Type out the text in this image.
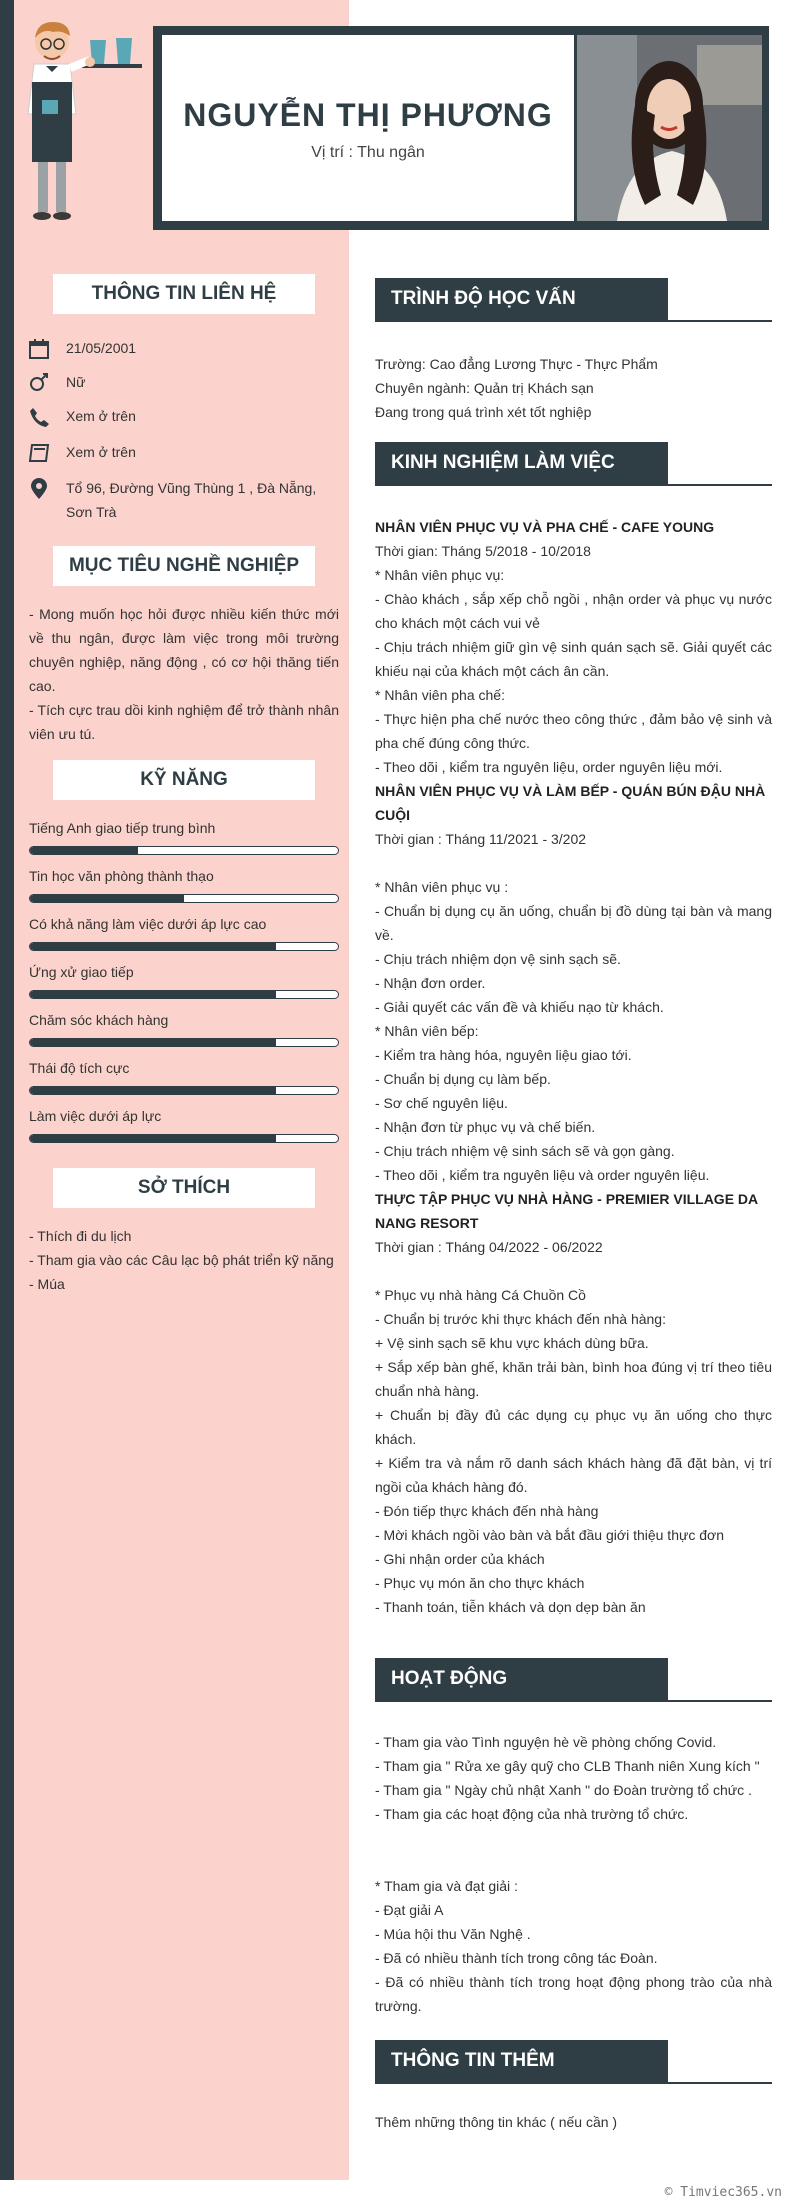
NGUYỄN THỊ PHƯƠNG
Vị trí : Thu ngân
THÔNG TIN LIÊN HỆ
21/05/2001
Nữ
Xem ở trên
Xem ở trên
Tổ 96, Đường Vũng Thùng 1 , Đà Nẵng, Sơn Trà
MỤC TIÊU NGHỀ NGHIỆP
- Mong muốn học hỏi được nhiều kiến thức mới về thu ngân, được làm việc trong môi trường chuyên nghiệp, năng động , có cơ hội thăng tiến cao.
- Tích cực trau dồi kinh nghiệm để trở thành nhân viên ưu tú.
KỸ NĂNG
Tiếng Anh giao tiếp trung bình
Tin học văn phòng thành thạo
Có khả năng làm việc dưới áp lực cao
Ứng xử giao tiếp
Chăm sóc khách hàng
Thái độ tích cực
Làm việc dưới áp lực
SỞ THÍCH
- Thích đi du lịch
- Tham gia vào các Câu lạc bộ phát triển kỹ năng
- Múa
TRÌNH ĐỘ HỌC VẤN
Trường: Cao đẳng Lương Thực - Thực Phẩm
Chuyên ngành: Quản trị Khách sạn
Đang trong quá trình xét tốt nghiệp
KINH NGHIỆM LÀM VIỆC
NHÂN VIÊN PHỤC VỤ VÀ PHA CHẾ - CAFE YOUNG
Thời gian: Tháng 5/2018 - 10/2018
* Nhân viên phục vụ:
- Chào khách , sắp xếp chỗ ngồi , nhận order và phục vụ nước cho khách một cách vui vẻ
- Chịu trách nhiệm giữ gìn vệ sinh quán sạch sẽ. Giải quyết các khiếu nại của khách một cách ân cần.
* Nhân viên pha chế:
- Thực hiện pha chế nước theo công thức , đảm bảo vệ sinh và pha chế đúng công thức.
- Theo dõi , kiểm tra nguyên liệu, order nguyên liệu mới.
NHÂN VIÊN PHỤC VỤ VÀ LÀM BẾP - QUÁN BÚN ĐẬU NHÀ CUỘI
Thời gian : Tháng 11/2021 - 3/202
* Nhân viên phục vụ :
- Chuẩn bị dụng cụ ăn uống, chuẩn bị đồ dùng tại bàn và mang về.
- Chịu trách nhiệm dọn vệ sinh sạch sẽ.
- Nhận đơn order.
- Giải quyết các vấn đề và khiếu nạo từ khách.
* Nhân viên bếp:
- Kiểm tra hàng hóa, nguyên liệu giao tới.
- Chuẩn bị dụng cụ làm bếp.
- Sơ chế nguyên liệu.
- Nhận đơn từ phục vụ và chế biến.
- Chịu trách nhiệm vệ sinh sách sẽ và gọn gàng.
- Theo dõi , kiểm tra nguyên liệu và order nguyên liệu.
THỰC TẬP PHỤC VỤ NHÀ HÀNG - PREMIER VILLAGE DA NANG RESORT
Thời gian : Tháng 04/2022 - 06/2022
* Phục vụ nhà hàng Cá Chuồn Cồ
- Chuẩn bị trước khi thực khách đến nhà hàng:
+ Vệ sinh sạch sẽ khu vực khách dùng bữa.
+ Sắp xếp bàn ghế, khăn trải bàn, bình hoa đúng vị trí theo tiêu chuẩn nhà hàng.
+ Chuẩn bị đầy đủ các dụng cụ phục vụ ăn uống cho thực khách.
+ Kiểm tra và nắm rõ danh sách khách hàng đã đặt bàn, vị trí ngồi của khách hàng đó.
- Đón tiếp thực khách đến nhà hàng
- Mời khách ngồi vào bàn và bắt đầu giới thiệu thực đơn
- Ghi nhận order của khách
- Phục vụ món ăn cho thực khách
- Thanh toán, tiễn khách và dọn dẹp bàn ăn
HOẠT ĐỘNG
- Tham gia vào Tình nguyện hè về phòng chống Covid.
- Tham gia " Rửa xe gây quỹ cho CLB Thanh niên Xung kích "
- Tham gia " Ngày chủ nhật Xanh " do Đoàn trường tổ chức .
- Tham gia các hoạt động của nhà trường tổ chức.
* Tham gia và đạt giải :
- Đạt giải A
- Múa hội thu Văn Nghệ .
- Đã có nhiều thành tích trong công tác Đoàn.
- Đã có nhiều thành tích trong hoạt động phong trào của nhà trường.
THÔNG TIN THÊM
Thêm những thông tin khác ( nếu cần )
© Timviec365.vn
